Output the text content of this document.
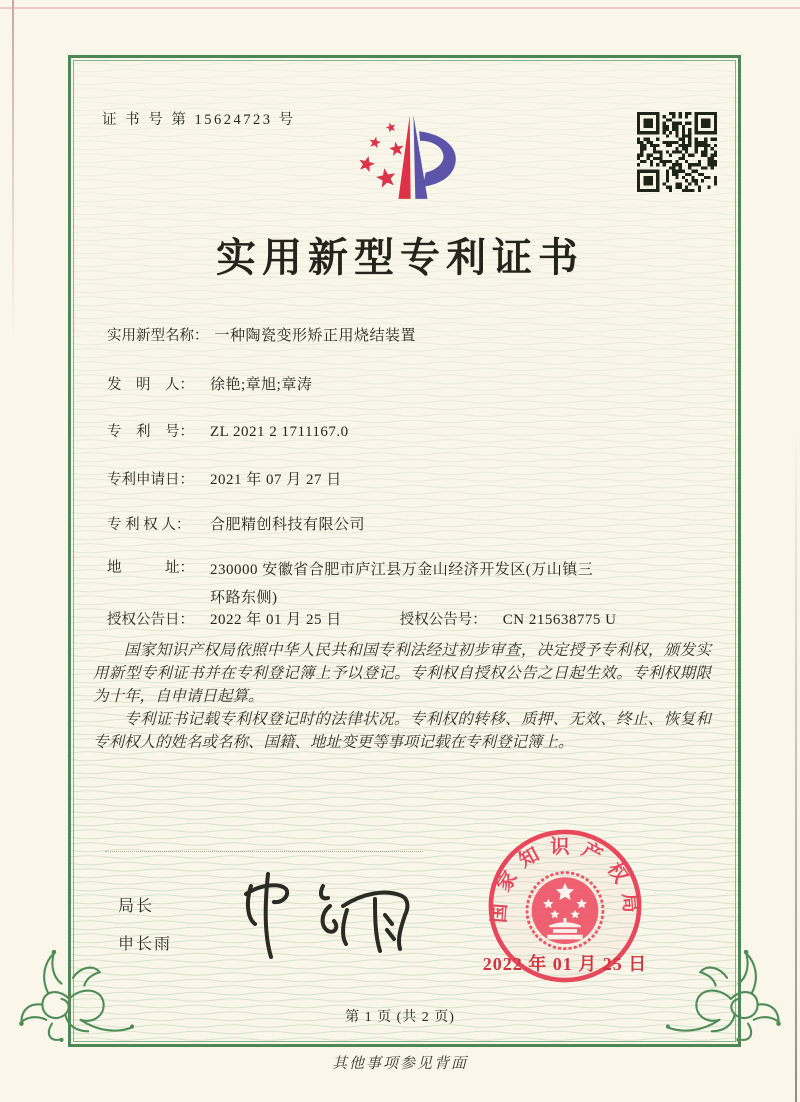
证 书 号 第 15624723 号
实用新型专利证书
实用新型名称： 一种陶瓷变形矫正用烧结装置
发　明　人： 徐艳;章旭;章涛
专　利　号： ZL 2021 2 1711167.0
专利申请日： 2021 年 07 月 27 日
专 利 权 人： 合肥精创科技有限公司
地　　　址：	230000 安徽省合肥市庐江县万金山经济开发区(万山镇三环路东侧)
授权公告日： 2022 年 01 月 25 日	授权公告号： CN 215638775 U

国家知识产权局依照中华人民共和国专利法经过初步审查，决定授予专利权，颁发实用新型专利证书并在专利登记簿上予以登记。专利权自授权公告之日起生效。专利权期限为十年，自申请日起算。

专利证书记载专利权登记时的法律状况。专利权的转移、质押、无效、终止、恢复和专利权人的姓名或名称、国籍、地址变更等事项记载在专利登记簿上。

局长
申长雨
国家知识产权局
2022 年 01 月 25 日
第 1 页 (共 2 页)
其他事项参见背面
